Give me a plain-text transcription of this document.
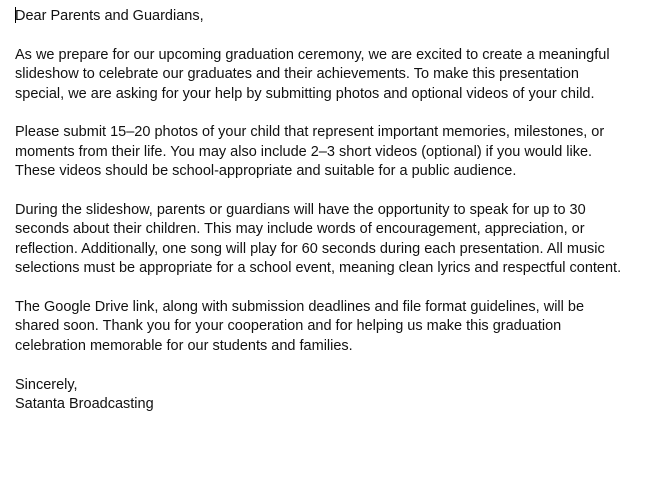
Dear Parents and Guardians,

As we prepare for our upcoming graduation ceremony, we are excited to create a meaningful
slideshow to celebrate our graduates and their achievements. To make this presentation
special, we are asking for your help by submitting photos and optional videos of your child.

Please submit 15–20 photos of your child that represent important memories, milestones, or
moments from their life. You may also include 2–3 short videos (optional) if you would like.
These videos should be school-appropriate and suitable for a public audience.

During the slideshow, parents or guardians will have the opportunity to speak for up to 30
seconds about their children. This may include words of encouragement, appreciation, or
reflection. Additionally, one song will play for 60 seconds during each presentation. All music
selections must be appropriate for a school event, meaning clean lyrics and respectful content.

The Google Drive link, along with submission deadlines and file format guidelines, will be
shared soon. Thank you for your cooperation and for helping us make this graduation
celebration memorable for our students and families.

Sincerely,

Satanta Broadcasting
